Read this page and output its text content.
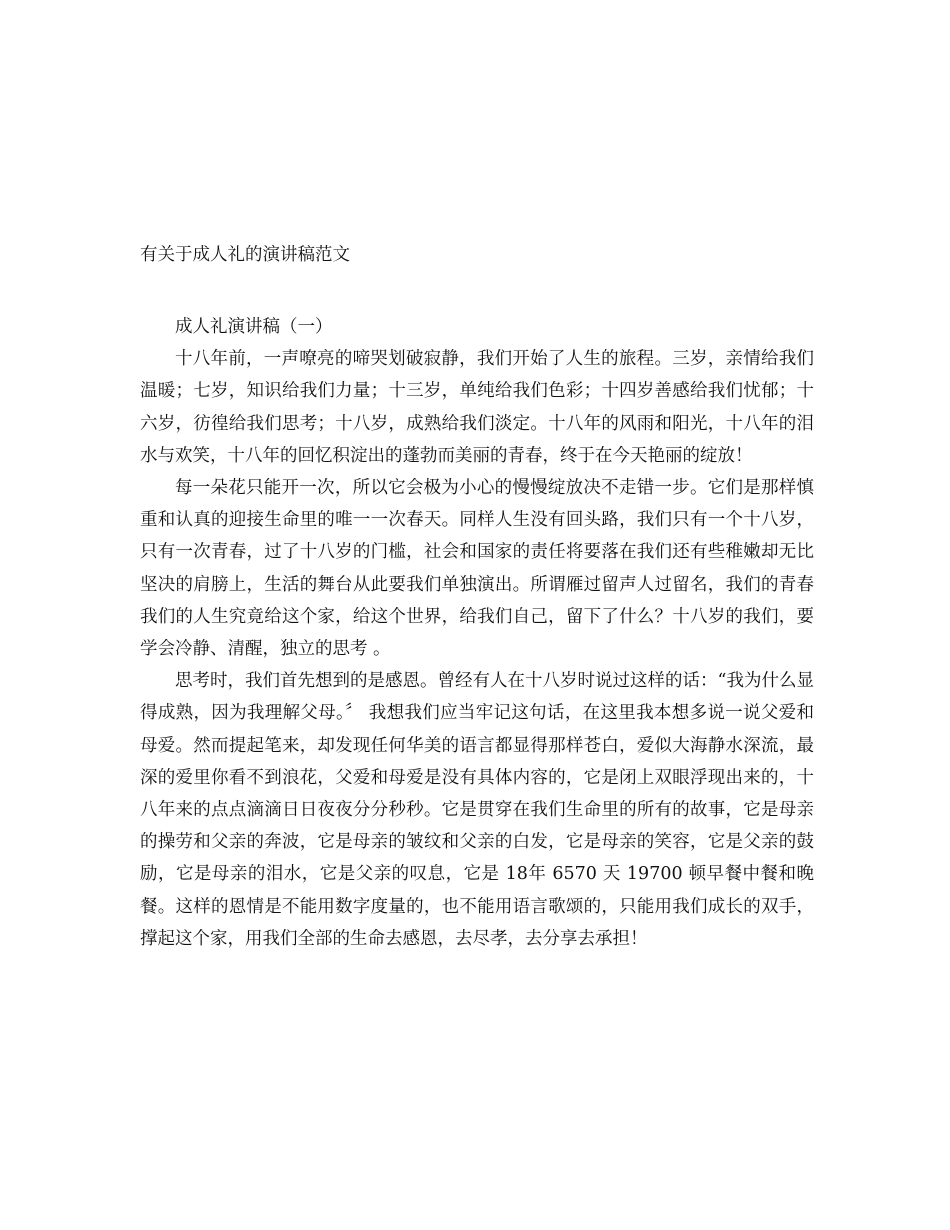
有关于成人礼的演讲稿范文

成人礼演讲稿（一）

十八年前，一声嘹亮的啼哭划破寂静，我们开始了人生的旅程。三岁，亲情给我们温暖；七岁，知识给我们力量；十三岁，单纯给我们色彩；十四岁善感给我们忧郁；十六岁，彷徨给我们思考；十八岁，成熟给我们淡定。十八年的风雨和阳光，十八年的泪水与欢笑，十八年的回忆积淀出的蓬勃而美丽的青春，终于在今天艳丽的绽放！

每一朵花只能开一次，所以它会极为小心的慢慢绽放决不走错一步。它们是那样慎重和认真的迎接生命里的唯一一次春天。同样人生没有回头路，我们只有一个十八岁，只有一次青春，过了十八岁的门槛，社会和国家的责任将要落在我们还有些稚嫩却无比坚决的肩膀上，生活的舞台从此要我们单独演出。所谓雁过留声人过留名，我们的青春我们的人生究竟给这个家，给这个世界，给我们自己，留下了什么？十八岁的我们，要学会冷静、清醒，独立的思考 。

思考时，我们首先想到的是感恩。曾经有人在十八岁时说过这样的话：“我为什么显得成熟，因为我理解父母。〞 我想我们应当牢记这句话，在这里我本想多说一说父爱和母爱。然而提起笔来，却发现任何华美的语言都显得那样苍白，爱似大海静水深流，最深的爱里你看不到浪花，父爱和母爱是没有具体内容的，它是闭上双眼浮现出来的，十八年来的点点滴滴日日夜夜分分秒秒。它是贯穿在我们生命里的所有的故事，它是母亲的操劳和父亲的奔波，它是母亲的皱纹和父亲的白发，它是母亲的笑容，它是父亲的鼓励，它是母亲的泪水，它是父亲的叹息，它是 18年 6570 天 19700 顿早餐中餐和晚餐。这样的恩情是不能用数字度量的，也不能用语言歌颂的，只能用我们成长的双手，撑起这个家，用我们全部的生命去感恩，去尽孝，去分享去承担！
